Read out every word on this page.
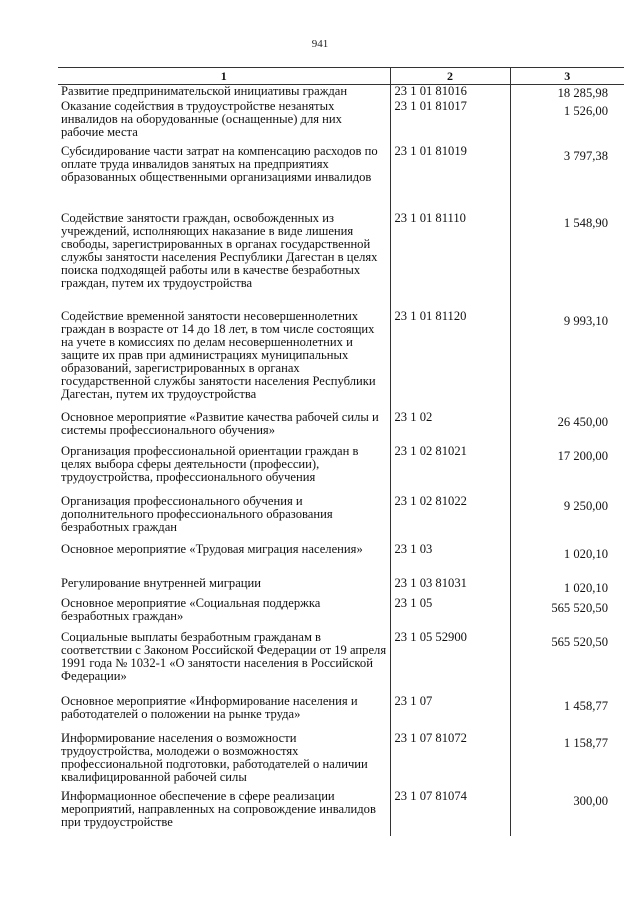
941
1	2	3
Развитие предпринимательской инициативы граждан	23 1 01 81016	18 285,98
Оказание содействия в трудоустройстве незанятых инвалидов на оборудованные (оснащенные) для них рабочие места	23 1 01 81017	1 526,00
Субсидирование части затрат на компенсацию расходов по оплате труда инвалидов занятых на предприятиях образованных общественными организациями инвалидов	23 1 01 81019	3 797,38
Содействие занятости граждан, освобожденных из учреждений, исполняющих наказание в виде лишения свободы, зарегистрированных в органах государственной службы занятости населения Республики Дагестан в целях поиска подходящей работы или в качестве безработных граждан, путем их трудоустройства	23 1 01 81110	1 548,90
Содействие временной занятости несовершеннолетних граждан в возрасте от 14 до 18 лет, в том числе состоящих на учете в комиссиях по делам несовершеннолетних и защите их прав при администрациях муниципальных образований, зарегистрированных в органах государственной службы занятости населения Республики Дагестан, путем их трудоустройства	23 1 01 81120	9 993,10
Основное мероприятие «Развитие качества рабочей силы и системы профессионального обучения»	23 1 02	26 450,00
Организация профессиональной ориентации граждан в целях выбора сферы деятельности (профессии), трудоустройства, профессионального обучения	23 1 02 81021	17 200,00
Организация профессионального обучения и дополнительного профессионального образования безработных граждан	23 1 02 81022	9 250,00
Основное мероприятие «Трудовая миграция населения»	23 1 03	1 020,10
Регулирование внутренней миграции	23 1 03 81031	1 020,10
Основное мероприятие «Социальная поддержка безработных граждан»	23 1 05	565 520,50
Социальные выплаты безработным гражданам в соответствии с Законом Российской Федерации от 19 апреля 1991 года № 1032-1 «О занятости населения в Российской Федерации»	23 1 05 52900	565 520,50
Основное мероприятие «Информирование населения и работодателей о положении на рынке труда»	23 1 07	1 458,77
Информирование населения о возможности трудоустройства, молодежи о возможностях профессиональной подготовки, работодателей о наличии квалифицированной рабочей силы	23 1 07 81072	1 158,77
Информационное обеспечение в сфере реализации мероприятий, направленных на сопровождение инвалидов при трудоустройстве	23 1 07 81074	300,00
